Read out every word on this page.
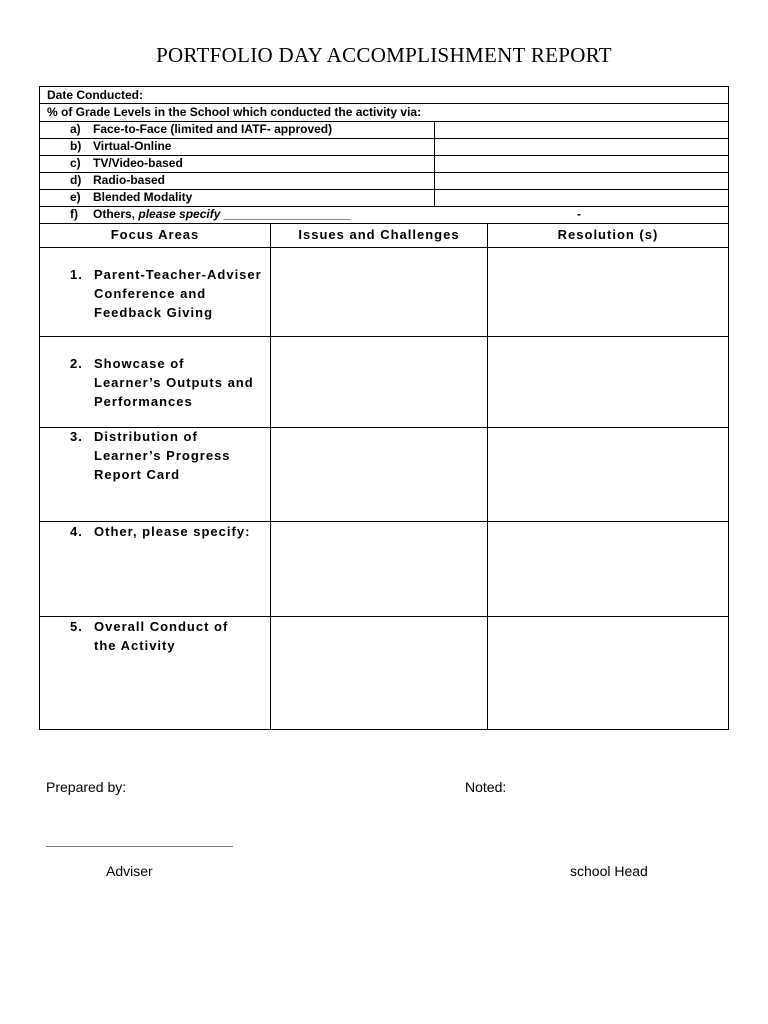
PORTFOLIO DAY ACCOMPLISHMENT REPORT
Date Conducted:
% of Grade Levels in the School which conducted the activity via:
a) Face-to-Face (limited and IATF- approved)
b) Virtual-Online
c) TV/Video-based
d) Radio-based
e) Blended Modality
f) Others, please specify ___________________	-
Focus Areas	Issues and Challenges	Resolution (s)
1. Parent-Teacher-Adviser Conference and Feedback Giving
2. Showcase of Learner’s Outputs and Performances
3. Distribution of Learner’s Progress Report Card
4. Other, please specify:
5. Overall Conduct of the Activity
Prepared by:	Noted:
________________________
Adviser	school Head
